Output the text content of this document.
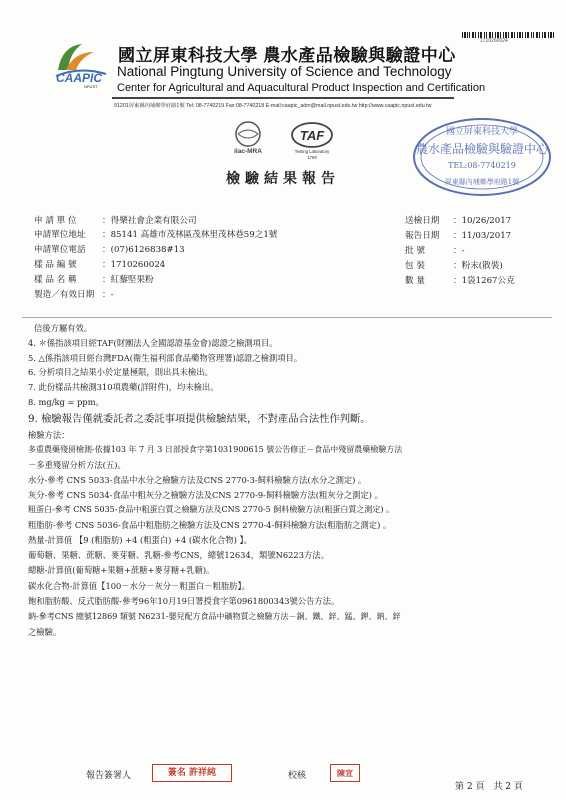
CAAPIC
NPUST
國立屏東科技大學 農水產品檢驗與驗證中心
National Pingtung University of Science and Technology
Center for Agricultural and Aquacultural Product Inspection and Certification
91201屏東縣內埔鄉學府路1號 Tel: 08-7740219 Fax:08-7740218 E-mail:caapic_adm@mail.npust.edu.tw http://www.caapic.npust.edu.tw
1710260024
ilac-MRA
TAF
Testing Laboratory
1769
檢驗結果報告
國立屏東科技大學
農水產品檢驗與驗證中心
TEL:08-7740219
屏東縣內埔鄉學府路1號
申 請 單 位	：得樂社會企業有限公司
申請單位地址 ：85141 高雄市茂林區茂林里茂林巷59之1號
申請單位電話 ：(07)6126838#13
樣 品 編 號	：1710260024
樣 品 名 稱	：紅藜堅果粉
製造／有效日期 ：-
送檢日期 ：10/26/2017
報告日期 ：11/03/2017
批 號	：-
包 裝	：粉末(散裝)
數 量	：1袋1267公克
信後方屬有效。
4. ＊係指該項目經TAF(財團法人全國認證基金會)認證之檢測項目。
5. △係指該項目經台灣FDA(衛生福利部食品藥物管理署)認證之檢測項目。
6. 分析項目之結果小於定量極限，則出具未檢出。
7. 此份樣品共檢測310項農藥(詳附件)，均未檢出。
8. mg/kg = ppm。
9. 檢驗報告僅就委託者之委託事項提供檢驗結果，不對產品合法性作判斷。
檢驗方法：
多重農藥殘留檢測-依據103 年 7 月 3 日部授食字第1031900615 號公告修正－食品中殘留農藥檢驗方法
－多重殘留分析方法(五)。
水分-參考 CNS 5033-食品中水分之檢驗方法及CNS 2770-3-飼料檢驗方法(水分之測定) 。
灰分-參考 CNS 5034-食品中粗灰分之檢驗方法及CNS 2770-9-飼料檢驗方法(粗灰分之測定) 。
粗蛋白-參考 CNS 5035-食品中粗蛋白質之檢驗方法及CNS 2770-5 飼料檢驗方法(粗蛋白質之測定) 。
粗脂肪-參考 CNS 5036-食品中粗脂肪之檢驗方法及CNS 2770-4-飼料檢驗方法(粗脂肪之測定) 。
熱量-計算值 【9 (粗脂肪) +4 (粗蛋白) +4 (碳水化合物) 】。
葡萄糖、果糖、蔗糖、麥芽糖、乳糖-參考CNS，總號12634，類號N6223方法。
總糖-計算值(葡萄糖+果糖+蔗糖+麥芽糖+乳糖)。
碳水化合物-計算值【100－水分－灰分－粗蛋白－粗脂肪】。
飽和脂肪酸、反式脂肪酸-參考96年10月19日署授食字第0961800343號公告方法。
鈉-參考CNS 總號12869 類號 N6231-嬰兒配方食品中礦物質之檢驗方法－銅、鐵、鋅、錳、鉀、鈉、鋅
之檢驗。
報告簽署人	簽名 許祥純	校核	陳宣
第 2 頁　共 2 頁
